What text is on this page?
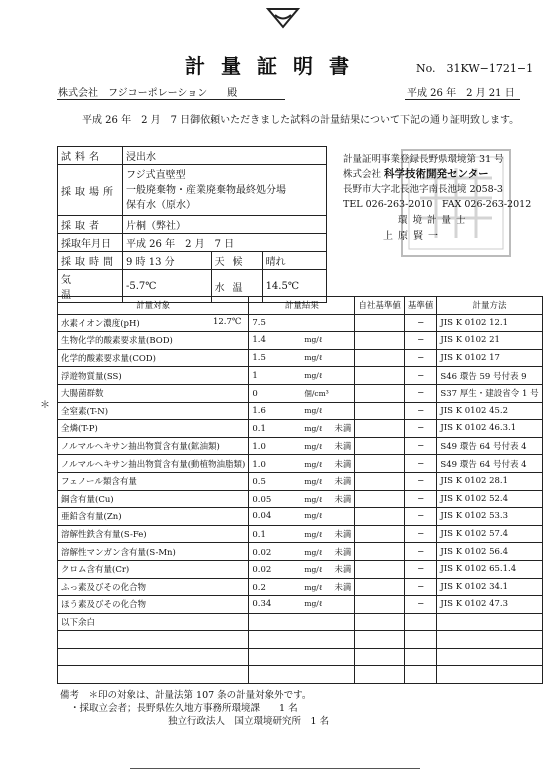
計量証明書	No.　31KW−1721−1
株式会社　フジコーポレーション　　殿	平成 26 年　2 月 21 日
平成 26 年　2 月　7 日御依頼いただきました試料の計量結果について下記の通り証明致します。
試料名	浸出水		
採取場所	フジ式直壁型
一般廃棄物・産業廃棄物最終処分場
保有水（原水）		
採取者	片桐（弊社）		
採取年月日	平成 26 年　2 月　7 日		
採取時間	9 時 13 分	天候	晴れ
気温	-5.7℃	水温	14.5℃
計量証明事業登録長野県環境第 31 号
株式会社 科学技術開発センター
長野市大字北長池字南長池境 2058-3
TEL 026-263-2010　FAX 026-263-2012
環境計量士
上原賢一
＊
計量対象	計量結果	自社基準値	基準値	計量方法
水素イオン濃度(pH) 12.7℃	7.5		−	JIS K 0102 12.1
生物化学的酸素要求量(BOD)	1.4 mg/ℓ		−	JIS K 0102 21
化学的酸素要求量(COD)	1.5 mg/ℓ		−	JIS K 0102 17
浮遊物質量(SS)	1 mg/ℓ		−	S46 環告 59 号付表 9
大腸菌群数	0 個/cm³		−	S37 厚生・建設省令 1 号
全窒素(T-N)	1.6 mg/ℓ		−	JIS K 0102 45.2
全燐(T-P)	0.1 mg/ℓ 未満		−	JIS K 0102 46.3.1
ノルマルヘキサン抽出物質含有量(鉱油類)	1.0 mg/ℓ 未満		−	S49 環告 64 号付表 4
ノルマルヘキサン抽出物質含有量(動植物油脂類)	1.0 mg/ℓ 未満		−	S49 環告 64 号付表 4
フェノール類含有量	0.5 mg/ℓ 未満		−	JIS K 0102 28.1
銅含有量(Cu)	0.05 mg/ℓ 未満		−	JIS K 0102 52.4
亜鉛含有量(Zn)	0.04 mg/ℓ		−	JIS K 0102 53.3
溶解性鉄含有量(S-Fe)	0.1 mg/ℓ 未満		−	JIS K 0102 57.4
溶解性マンガン含有量(S-Mn)	0.02 mg/ℓ 未満		−	JIS K 0102 56.4
クロム含有量(Cr)	0.02 mg/ℓ 未満		−	JIS K 0102 65.1.4
ふっ素及びその化合物	0.2 mg/ℓ 未満		−	JIS K 0102 34.1
ほう素及びその化合物	0.34 mg/ℓ		−	JIS K 0102 47.3
以下余白

備考　＊印の対象は、計量法第 107 条の計量対象外です。
・採取立会者；長野県佐久地方事務所環境課　　1 名
独立行政法人　国立環境研究所　1 名
